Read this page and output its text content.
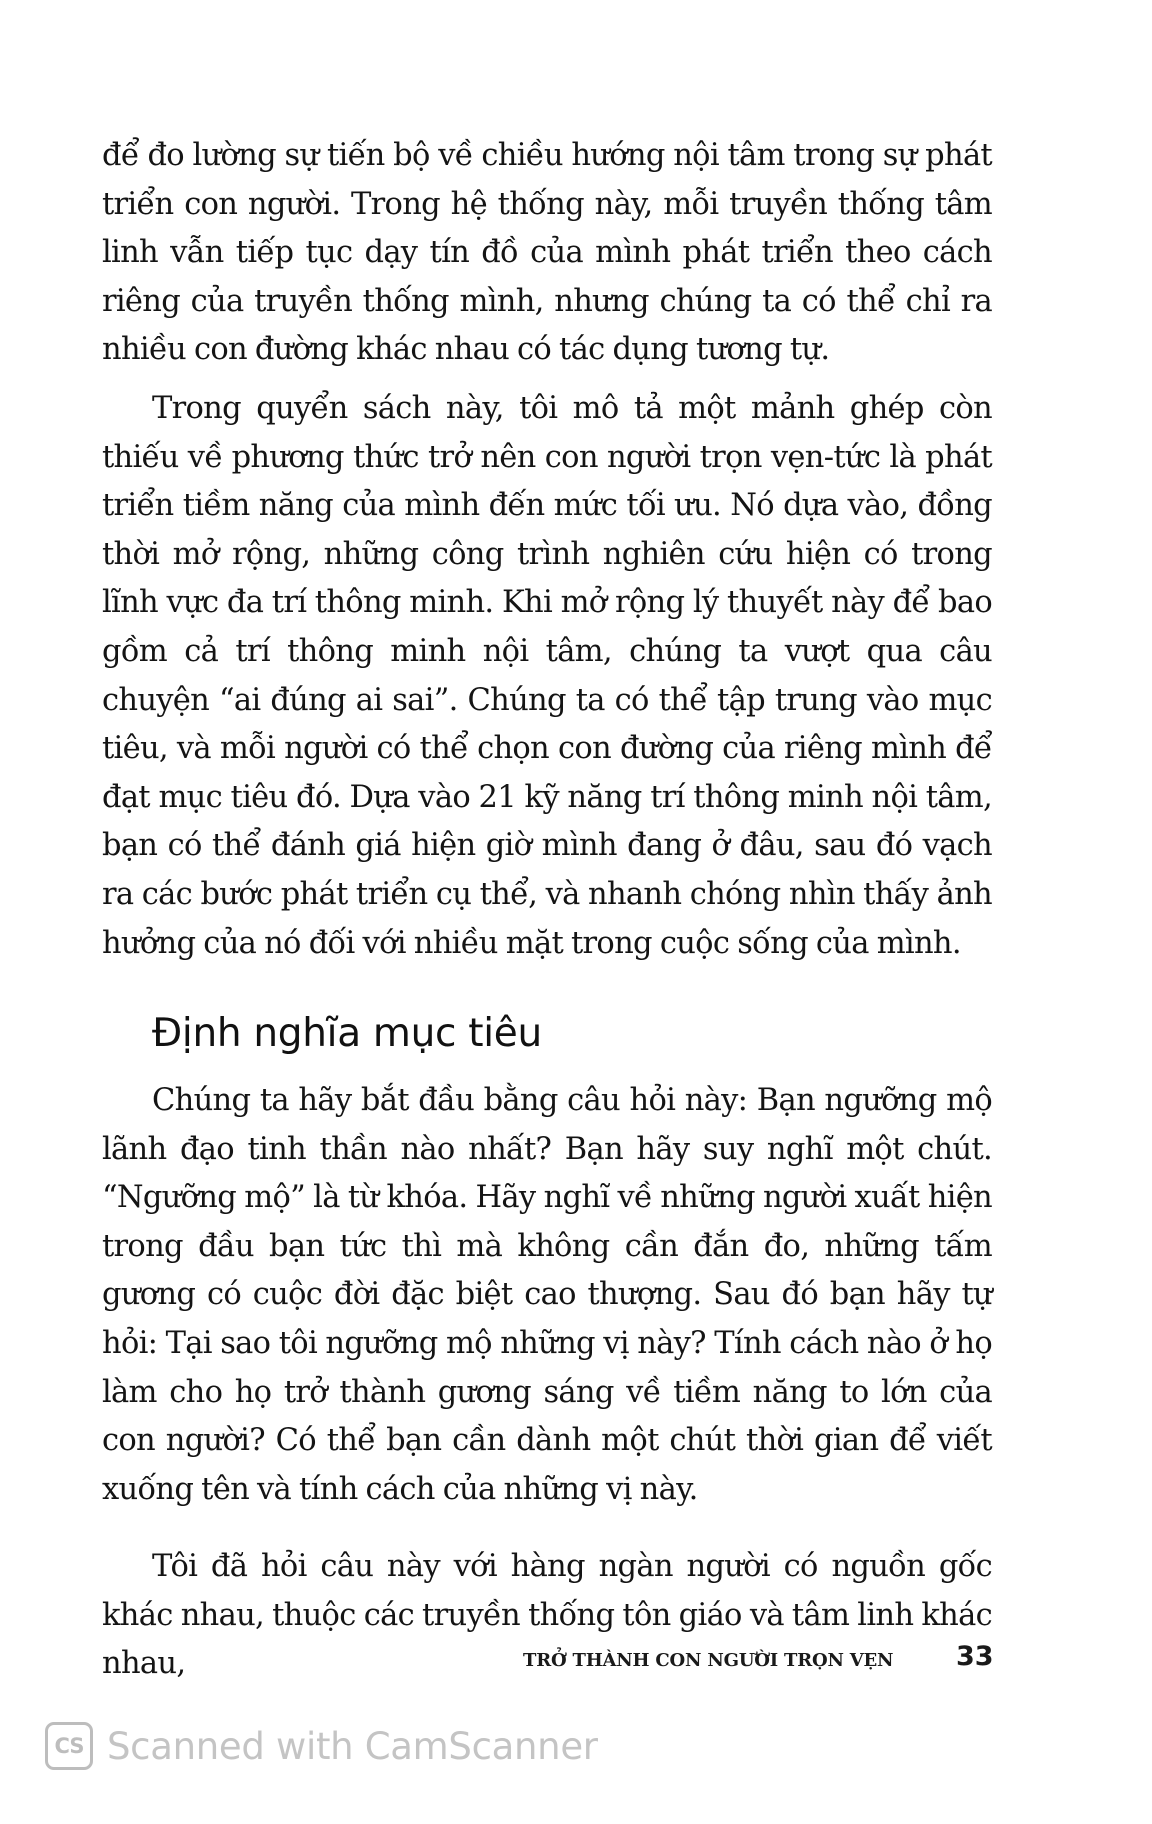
để đo lường sự tiến bộ về chiều hướng nội tâm trong sự phát triển con người. Trong hệ thống này, mỗi truyền thống tâm linh vẫn tiếp tục dạy tín đồ của mình phát triển theo cách riêng của truyền thống mình, nhưng chúng ta có thể chỉ ra nhiều con đường khác nhau có tác dụng tương tự.

Trong quyển sách này, tôi mô tả một mảnh ghép còn thiếu về phương thức trở nên con người trọn vẹn-tức là phát triển tiềm năng của mình đến mức tối ưu. Nó dựa vào, đồng thời mở rộng, những công trình nghiên cứu hiện có trong lĩnh vực đa trí thông minh. Khi mở rộng lý thuyết này để bao gồm cả trí thông minh nội tâm, chúng ta vượt qua câu chuyện “ai đúng ai sai”. Chúng ta có thể tập trung vào mục tiêu, và mỗi người có thể chọn con đường của riêng mình để đạt mục tiêu đó. Dựa vào 21 kỹ năng trí thông minh nội tâm, bạn có thể đánh giá hiện giờ mình đang ở đâu, sau đó vạch ra các bước phát triển cụ thể, và nhanh chóng nhìn thấy ảnh hưởng của nó đối với nhiều mặt trong cuộc sống của mình.

Định nghĩa mục tiêu

Chúng ta hãy bắt đầu bằng câu hỏi này: Bạn ngưỡng mộ lãnh đạo tinh thần nào nhất? Bạn hãy suy nghĩ một chút. “Ngưỡng mộ” là từ khóa. Hãy nghĩ về những người xuất hiện trong đầu bạn tức thì mà không cần đắn đo, những tấm gương có cuộc đời đặc biệt cao thượng. Sau đó bạn hãy tự hỏi: Tại sao tôi ngưỡng mộ những vị này? Tính cách nào ở họ làm cho họ trở thành gương sáng về tiềm năng to lớn của con người? Có thể bạn cần dành một chút thời gian để viết xuống tên và tính cách của những vị này.

Tôi đã hỏi câu này với hàng ngàn người có nguồn gốc khác nhau, thuộc các truyền thống tôn giáo và tâm linh khác nhau,	TRỞ THÀNH CON NGƯỜI TRỌN VẸN 33
CS Scanned with CamScanner
